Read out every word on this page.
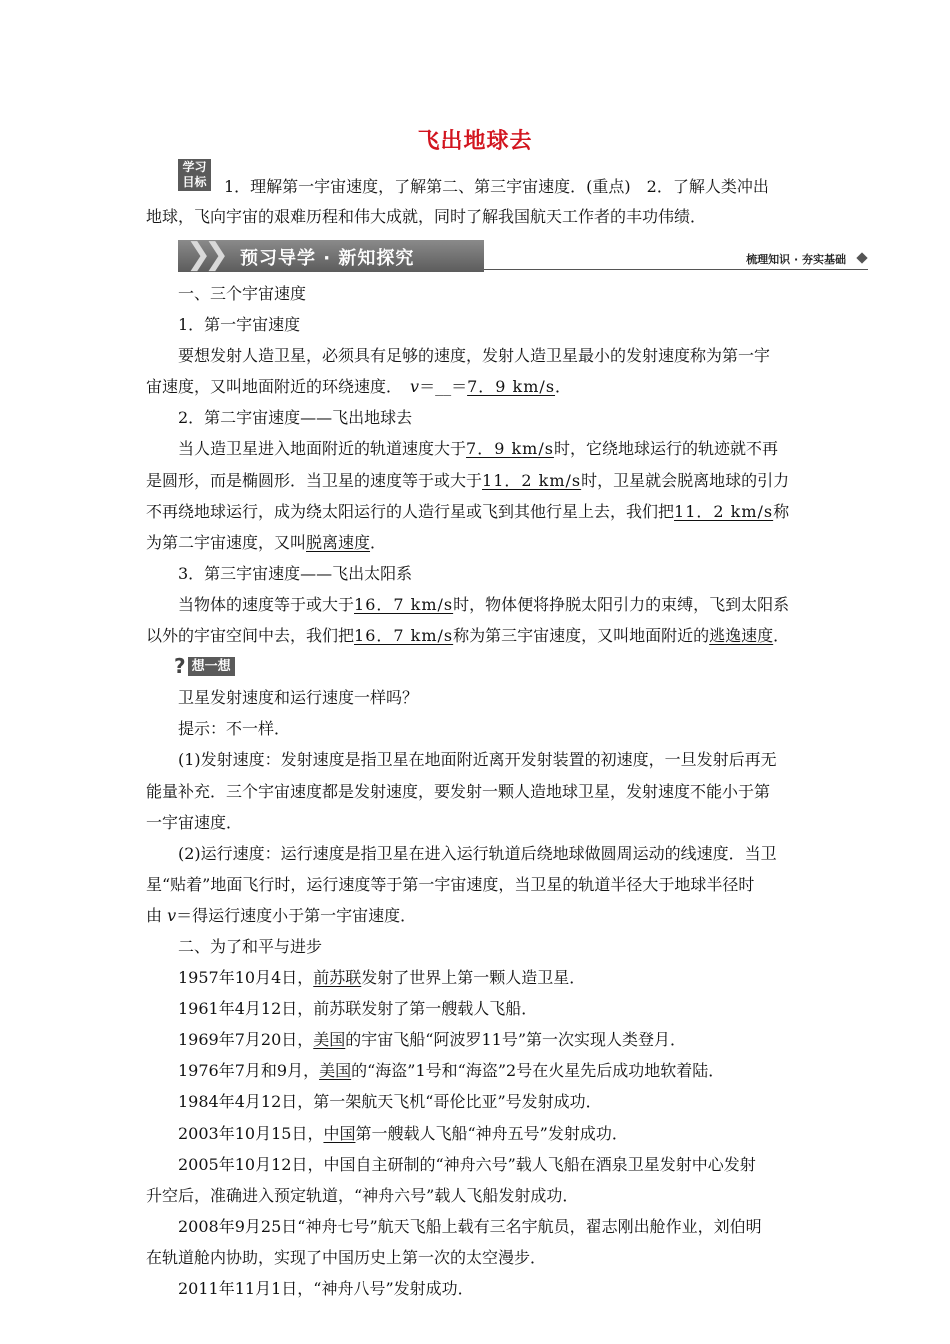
飞出地球去
学习
目标	1．理解第一宇宙速度，了解第二、第三宇宙速度．(重点)　2．了解人类冲出
地球，飞向宇宙的艰难历程和伟大成就，同时了解我国航天工作者的丰功伟绩．
❯
❯ 预习导学 · 新知探究	梳理知识 · 夯实基础

一、三个宇宙速度

1．第一宇宙速度

要想发射人造卫星，必须具有足够的速度，发射人造卫星最小的发射速度称为第一宇

宙速度，又叫地面附近的环绕速度．　 v＝__＝7．9 km/s．

2．第二宇宙速度——飞出地球去

当人造卫星进入地面附近的轨道速度大于7．9 km/s时，它绕地球运行的轨迹就不再

是圆形，而是椭圆形．当卫星的速度等于或大于11．2 km/s时，卫星就会脱离地球的引力

不再绕地球运行，成为绕太阳运行的人造行星或飞到其他行星上去，我们把11．2 km/s称

为第二宇宙速度，又叫脱离速度．

3．第三宇宙速度——飞出太阳系

当物体的速度等于或大于16．7 km/s时，物体便将挣脱太阳引力的束缚，飞到太阳系

以外的宇宙空间中去，我们把16．7 km/s称为第三宇宙速度，又叫地面附近的逃逸速度．

? 想一想

卫星发射速度和运行速度一样吗？

提示：不一样．

(1)发射速度：发射速度是指卫星在地面附近离开发射装置的初速度，一旦发射后再无

能量补充．三个宇宙速度都是发射速度，要发射一颗人造地球卫星，发射速度不能小于第

一宇宙速度．

(2)运行速度：运行速度是指卫星在进入运行轨道后绕地球做圆周运动的线速度．当卫

星“贴着”地面飞行时，运行速度等于第一宇宙速度，当卫星的轨道半径大于地球半径时

由 v＝得运行速度小于第一宇宙速度．

二、为了和平与进步

1957年10月4日，前苏联发射了世界上第一颗人造卫星．

1961年4月12日，前苏联发射了第一艘载人飞船．

1969年7月20日，美国的宇宙飞船“阿波罗11号”第一次实现人类登月．

1976年7月和9月，美国的“海盗”1号和“海盗”2号在火星先后成功地软着陆．

1984年4月12日，第一架航天飞机“哥伦比亚”号发射成功．

2003年10月15日，中国第一艘载人飞船“神舟五号”发射成功．

2005年10月12日，中国自主研制的“神舟六号”载人飞船在酒泉卫星发射中心发射

升空后，准确进入预定轨道，“神舟六号”载人飞船发射成功．

2008年9月25日“神舟七号”航天飞船上载有三名宇航员，翟志刚出舱作业，刘伯明

在轨道舱内协助，实现了中国历史上第一次的太空漫步．

2011年11月1日，“神舟八号”发射成功．
